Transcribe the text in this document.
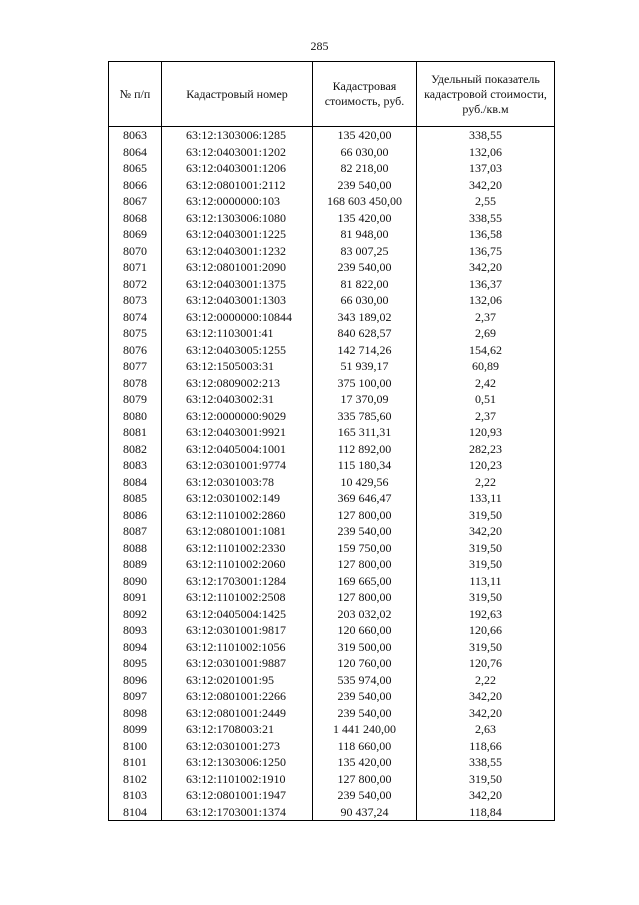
285
№ п/п	Кадастровый номер	Кадастровая стоимость, руб.	Удельный показатель кадастровой стоимости, руб./кв.м
8063	63:12:1303006:1285	135 420,00	338,55
8064	63:12:0403001:1202	66 030,00	132,06
8065	63:12:0403001:1206	82 218,00	137,03
8066	63:12:0801001:2112	239 540,00	342,20
8067	63:12:0000000:103	168 603 450,00	2,55
8068	63:12:1303006:1080	135 420,00	338,55
8069	63:12:0403001:1225	81 948,00	136,58
8070	63:12:0403001:1232	83 007,25	136,75
8071	63:12:0801001:2090	239 540,00	342,20
8072	63:12:0403001:1375	81 822,00	136,37
8073	63:12:0403001:1303	66 030,00	132,06
8074	63:12:0000000:10844	343 189,02	2,37
8075	63:12:1103001:41	840 628,57	2,69
8076	63:12:0403005:1255	142 714,26	154,62
8077	63:12:1505003:31	51 939,17	60,89
8078	63:12:0809002:213	375 100,00	2,42
8079	63:12:0403002:31	17 370,09	0,51
8080	63:12:0000000:9029	335 785,60	2,37
8081	63:12:0403001:9921	165 311,31	120,93
8082	63:12:0405004:1001	112 892,00	282,23
8083	63:12:0301001:9774	115 180,34	120,23
8084	63:12:0301003:78	10 429,56	2,22
8085	63:12:0301002:149	369 646,47	133,11
8086	63:12:1101002:2860	127 800,00	319,50
8087	63:12:0801001:1081	239 540,00	342,20
8088	63:12:1101002:2330	159 750,00	319,50
8089	63:12:1101002:2060	127 800,00	319,50
8090	63:12:1703001:1284	169 665,00	113,11
8091	63:12:1101002:2508	127 800,00	319,50
8092	63:12:0405004:1425	203 032,02	192,63
8093	63:12:0301001:9817	120 660,00	120,66
8094	63:12:1101002:1056	319 500,00	319,50
8095	63:12:0301001:9887	120 760,00	120,76
8096	63:12:0201001:95	535 974,00	2,22
8097	63:12:0801001:2266	239 540,00	342,20
8098	63:12:0801001:2449	239 540,00	342,20
8099	63:12:1708003:21	1 441 240,00	2,63
8100	63:12:0301001:273	118 660,00	118,66
8101	63:12:1303006:1250	135 420,00	338,55
8102	63:12:1101002:1910	127 800,00	319,50
8103	63:12:0801001:1947	239 540,00	342,20
8104	63:12:1703001:1374	90 437,24	118,84
